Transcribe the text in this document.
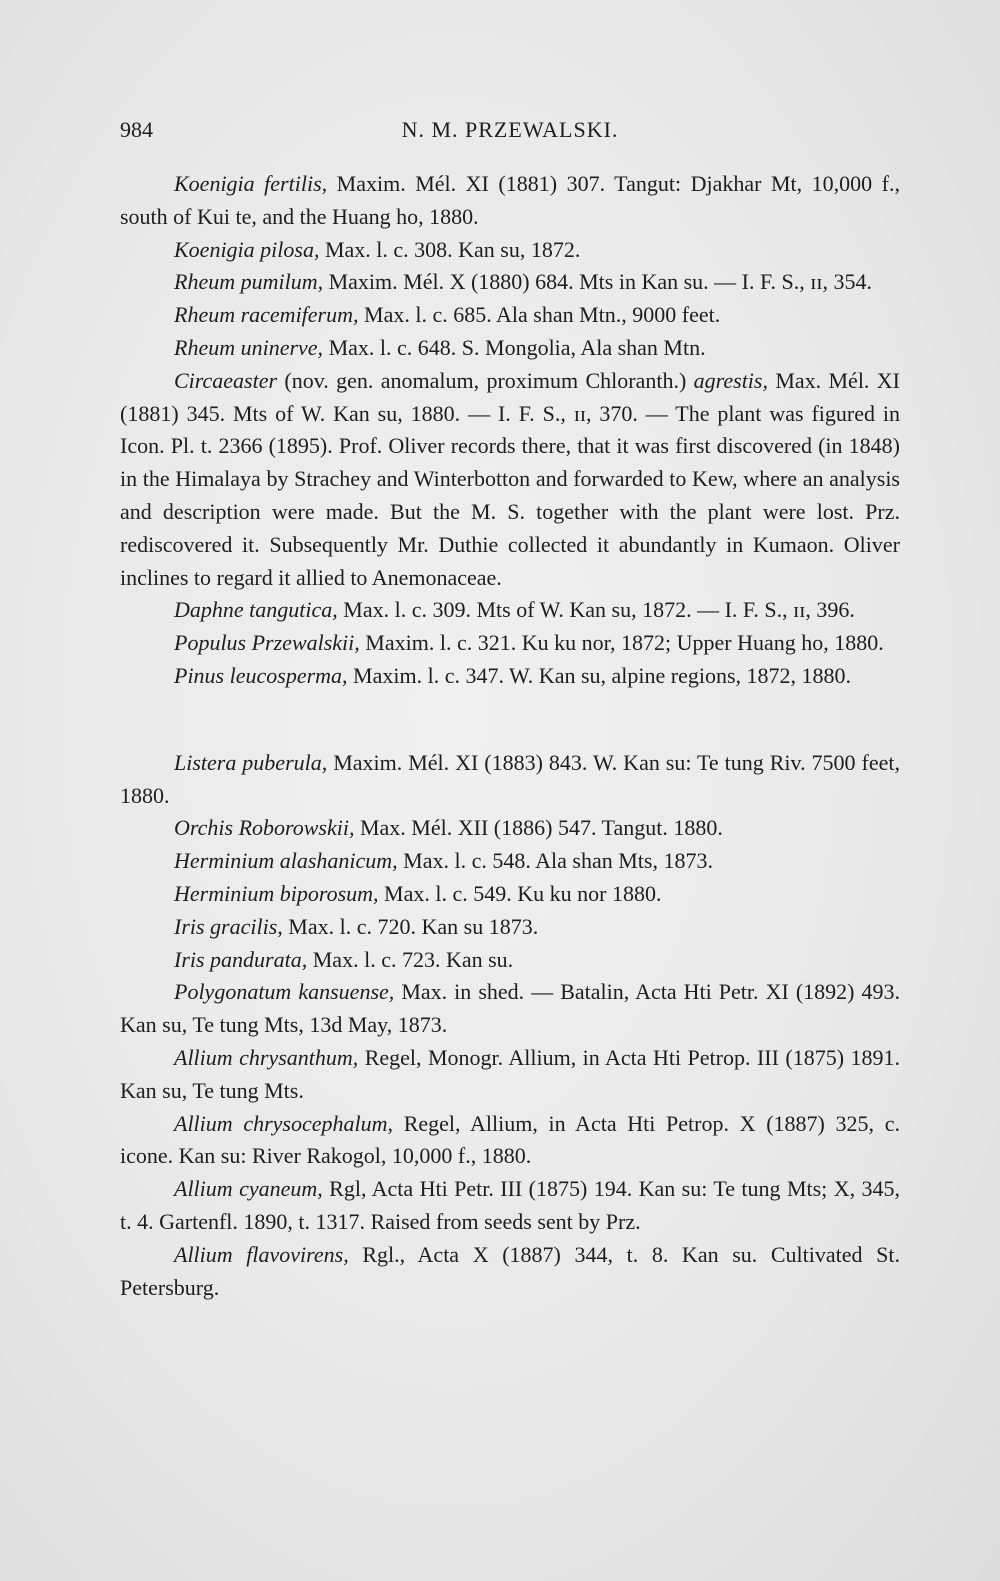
984	N. M. PRZEWALSKI.

Koenigia fertilis, Maxim. Mél. XI (1881) 307. Tangut: Djakhar Mt, 10,000 f., south of Kui te, and the Huang ho, 1880.

Koenigia pilosa, Max. l. c. 308. Kan su, 1872.

Rheum pumilum, Maxim. Mél. X (1880) 684. Mts in Kan su. — I. F. S., ɪɪ, 354.

Rheum racemiferum, Max. l. c. 685. Ala shan Mtn., 9000 feet.

Rheum uninerve, Max. l. c. 648. S. Mongolia, Ala shan Mtn.

Circaeaster (nov. gen. anomalum, proximum Chloranth.) agrestis, Max. Mél. XI (1881) 345. Mts of W. Kan su, 1880. — I. F. S., ɪɪ, 370. — The plant was figured in Icon. Pl. t. 2366 (1895). Prof. Oliver records there, that it was first discovered (in 1848) in the Himalaya by Strachey and Winterbotton and forwarded to Kew, where an analysis and description were made. But the M. S. together with the plant were lost. Prz. rediscovered it. Subsequently Mr. Duthie collected it abundantly in Kumaon. Oliver inclines to regard it allied to Anemonaceae.

Daphne tangutica, Max. l. c. 309. Mts of W. Kan su, 1872. — I. F. S., ɪɪ, 396.

Populus Przewalskii, Maxim. l. c. 321. Ku ku nor, 1872; Upper Huang ho, 1880.

Pinus leucosperma, Maxim. l. c. 347. W. Kan su, alpine regions, 1872, 1880.

Listera puberula, Maxim. Mél. XI (1883) 843. W. Kan su: Te tung Riv. 7500 feet, 1880.

Orchis Roborowskii, Max. Mél. XII (1886) 547. Tangut. 1880.

Herminium alashanicum, Max. l. c. 548. Ala shan Mts, 1873.

Herminium biporosum, Max. l. c. 549. Ku ku nor 1880.

Iris gracilis, Max. l. c. 720. Kan su 1873.

Iris pandurata, Max. l. c. 723. Kan su.

Polygonatum kansuense, Max. in shed. — Batalin, Acta Hti Petr. XI (1892) 493. Kan su, Te tung Mts, 13d May, 1873.

Allium chrysanthum, Regel, Monogr. Allium, in Acta Hti Petrop. III (1875) 1891. Kan su, Te tung Mts.

Allium chrysocephalum, Regel, Allium, in Acta Hti Petrop. X (1887) 325, c. icone. Kan su: River Rakogol, 10,000 f., 1880.

Allium cyaneum, Rgl, Acta Hti Petr. III (1875) 194. Kan su: Te tung Mts; X, 345, t. 4. Gartenfl. 1890, t. 1317. Raised from seeds sent by Prz.

Allium flavovirens, Rgl., Acta X (1887) 344, t. 8. Kan su. Cultivated St. Petersburg.
